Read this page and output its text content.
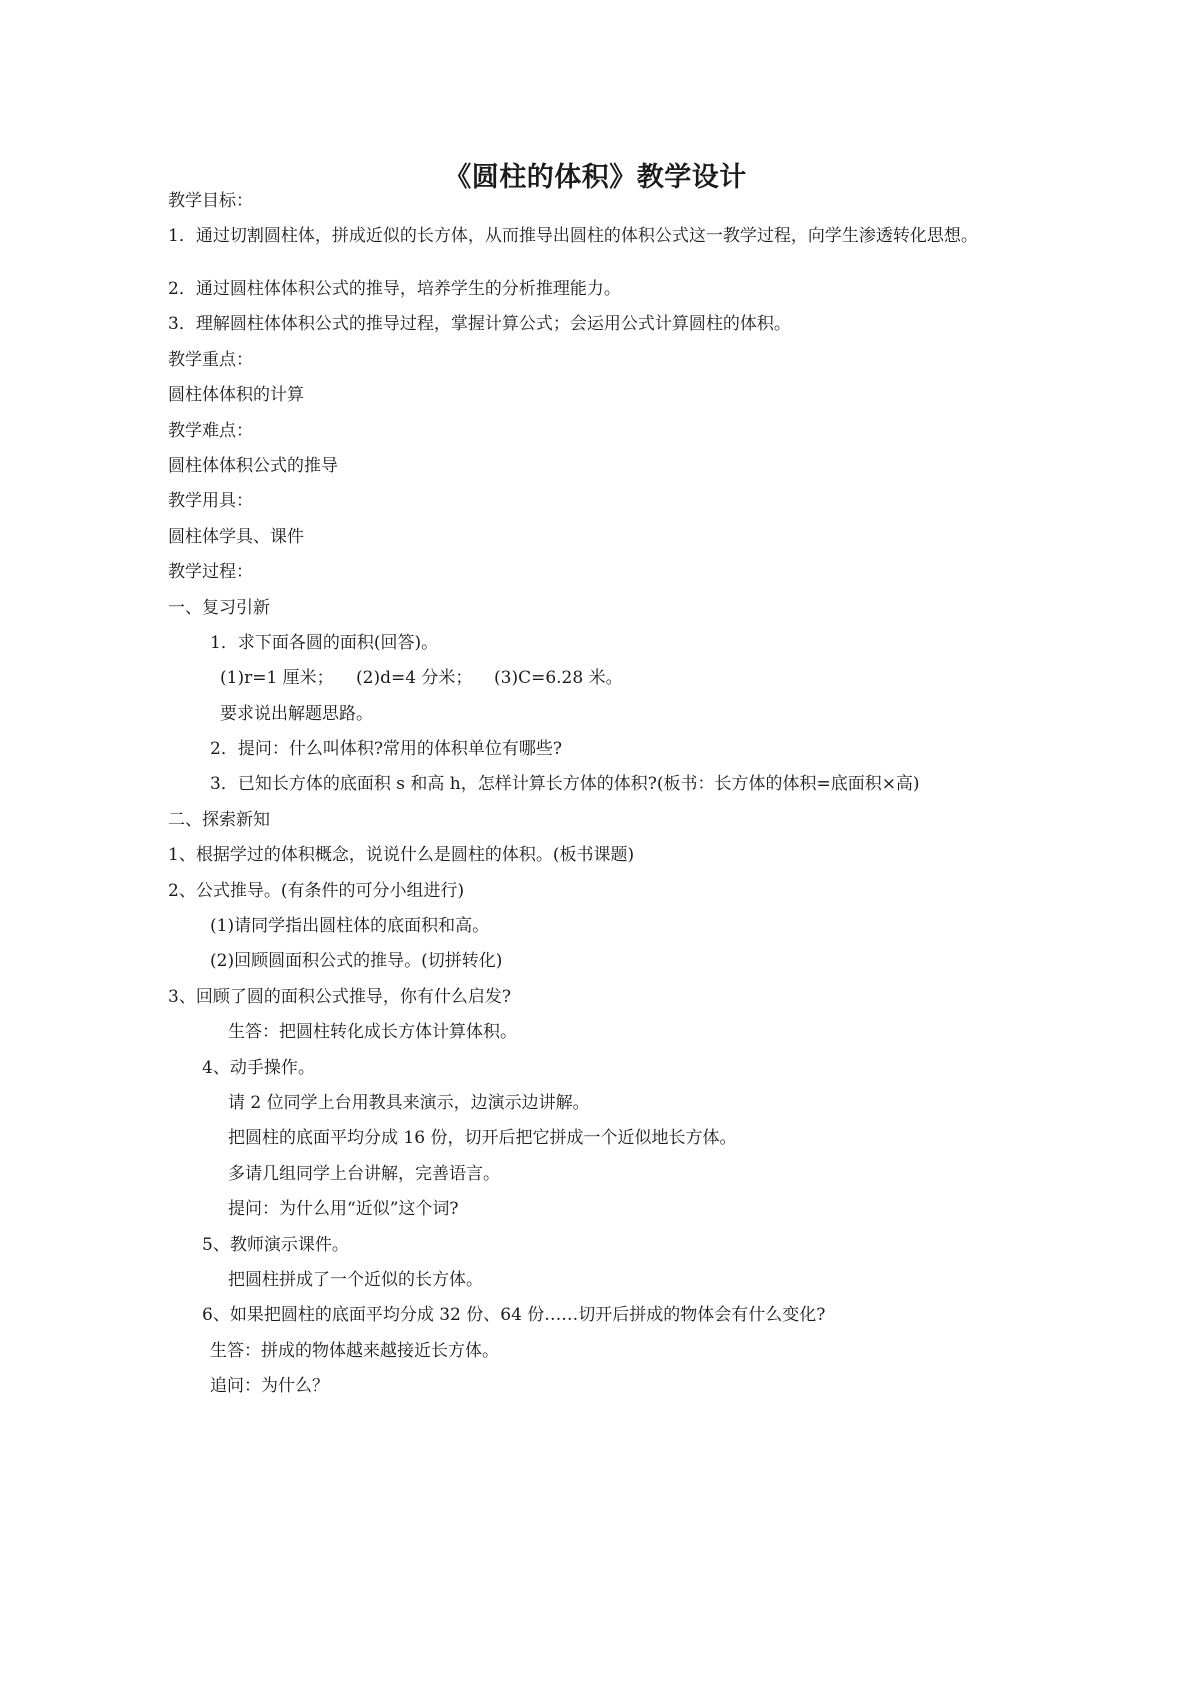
《圆柱的体积》教学设计

教学目标：

1．通过切割圆柱体，拼成近似的长方体，从而推导出圆柱的体积公式这一教学过程，向学生渗透转化思想。

2．通过圆柱体体积公式的推导，培养学生的分析推理能力。

3．理解圆柱体体积公式的推导过程，掌握计算公式；会运用公式计算圆柱的体积。

教学重点：

圆柱体体积的计算

教学难点：

圆柱体体积公式的推导

教学用具：

圆柱体学具、课件

教学过程：

一、复习引新

1．求下面各圆的面积(回答)。

(1)r=1 厘米； (2)d=4 分米； (3)C=6.28 米。

要求说出解题思路。

2．提问：什么叫体积?常用的体积单位有哪些?

3．已知长方体的底面积 s 和高 h，怎样计算长方体的体积?(板书：长方体的体积=底面积×高)

二、探索新知

1、根据学过的体积概念，说说什么是圆柱的体积。(板书课题)

2、公式推导。(有条件的可分小组进行)

(1)请同学指出圆柱体的底面积和高。

(2)回顾圆面积公式的推导。(切拼转化)

3、回顾了圆的面积公式推导，你有什么启发?

生答：把圆柱转化成长方体计算体积。

4、动手操作。

请 2 位同学上台用教具来演示，边演示边讲解。

把圆柱的底面平均分成 16 份，切开后把它拼成一个近似地长方体。

多请几组同学上台讲解，完善语言。

提问：为什么用“近似”这个词?

5、教师演示课件。

把圆柱拼成了一个近似的长方体。

6、如果把圆柱的底面平均分成 32 份、64 份……切开后拼成的物体会有什么变化?

生答：拼成的物体越来越接近长方体。

追问：为什么？
